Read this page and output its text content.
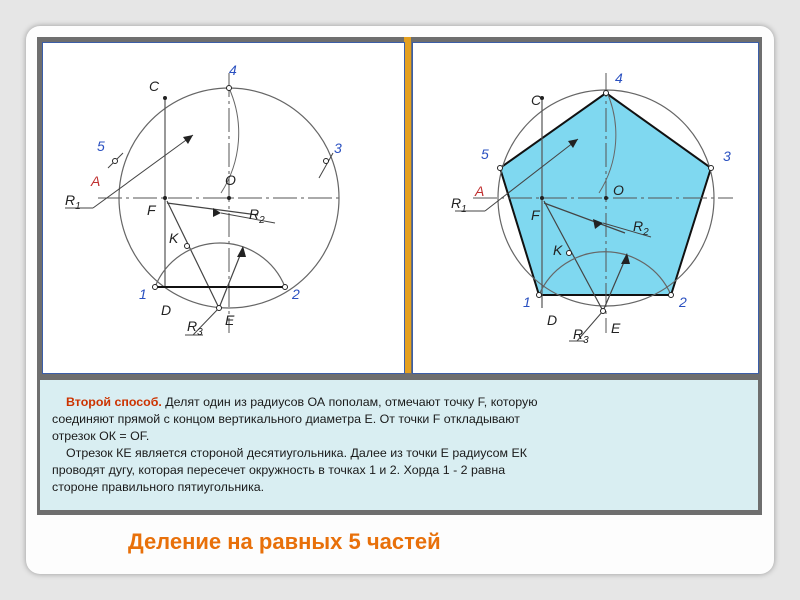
4
5	3
1	2
C
A	O
F
K
D
E
$R_1$	$R_2$
$R_3$
4
5	3
1	2
C
A	O
F
K
D	E
$R_1$
$R_2$
$R_3$

Второй способ. Делят один из радиусов ОА пополам, отмечают точку F, которую

соединяют прямой с концом вертикального диаметра Е. От точки F откладывают

отрезок ОК = ОF.

Отрезок КЕ является стороной десятиугольника. Далее из точки Е радиусом ЕК

проводят дугу, которая пересечет окружность в точках 1 и 2. Хорда 1 - 2 равна

стороне правильного пятиугольника.

Деление на равных 5 частей
